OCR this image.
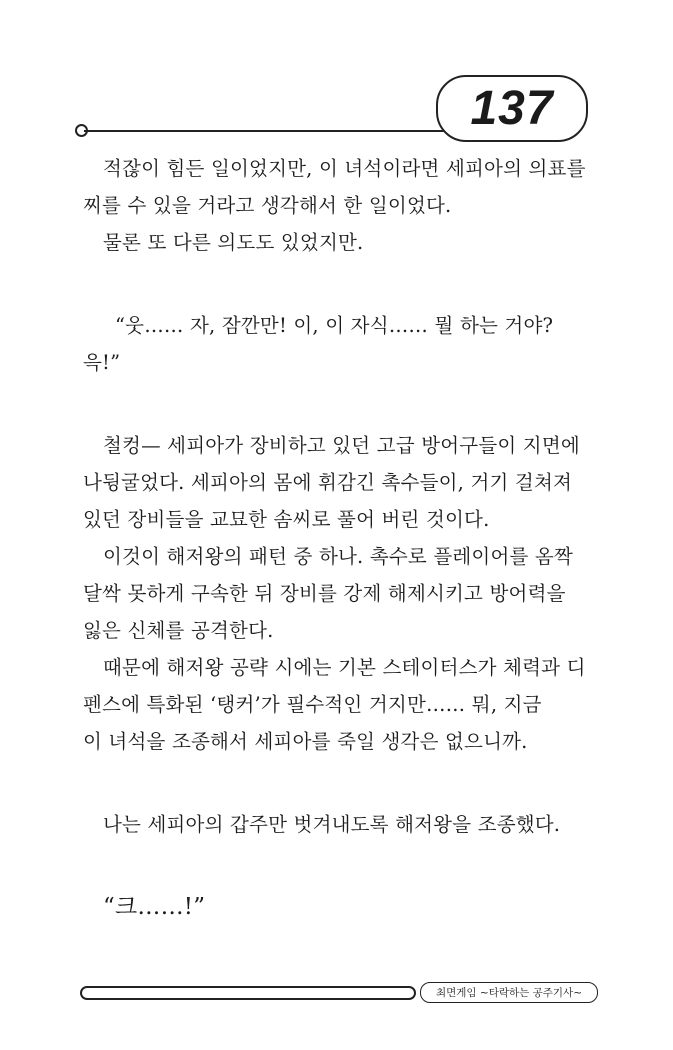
137
적잖이 힘든 일이었지만, 이 녀석이라면 세피아의 의표를
찌를 수 있을 거라고 생각해서 한 일이었다.
물론 또 다른 의도도 있었지만.
“웃…… 자, 잠깐만! 이, 이 자식…… 뭘 하는 거야?
윽!”
철컹— 세피아가 장비하고 있던 고급 방어구들이 지면에
나뒹굴었다. 세피아의 몸에 휘감긴 촉수들이, 거기 걸쳐져
있던 장비들을 교묘한 솜씨로 풀어 버린 것이다.
이것이 해저왕의 패턴 중 하나. 촉수로 플레이어를 옴짝
달싹 못하게 구속한 뒤 장비를 강제 해제시키고 방어력을
잃은 신체를 공격한다.
때문에 해저왕 공략 시에는 기본 스테이터스가 체력과 디
펜스에 특화된 ‘탱커’가 필수적인 거지만…… 뭐, 지금
이 녀석을 조종해서 세피아를 죽일 생각은 없으니까.
나는 세피아의 갑주만 벗겨내도록 해저왕을 조종했다.
“크……!”
최면게임 ~타락하는 공주기사~
